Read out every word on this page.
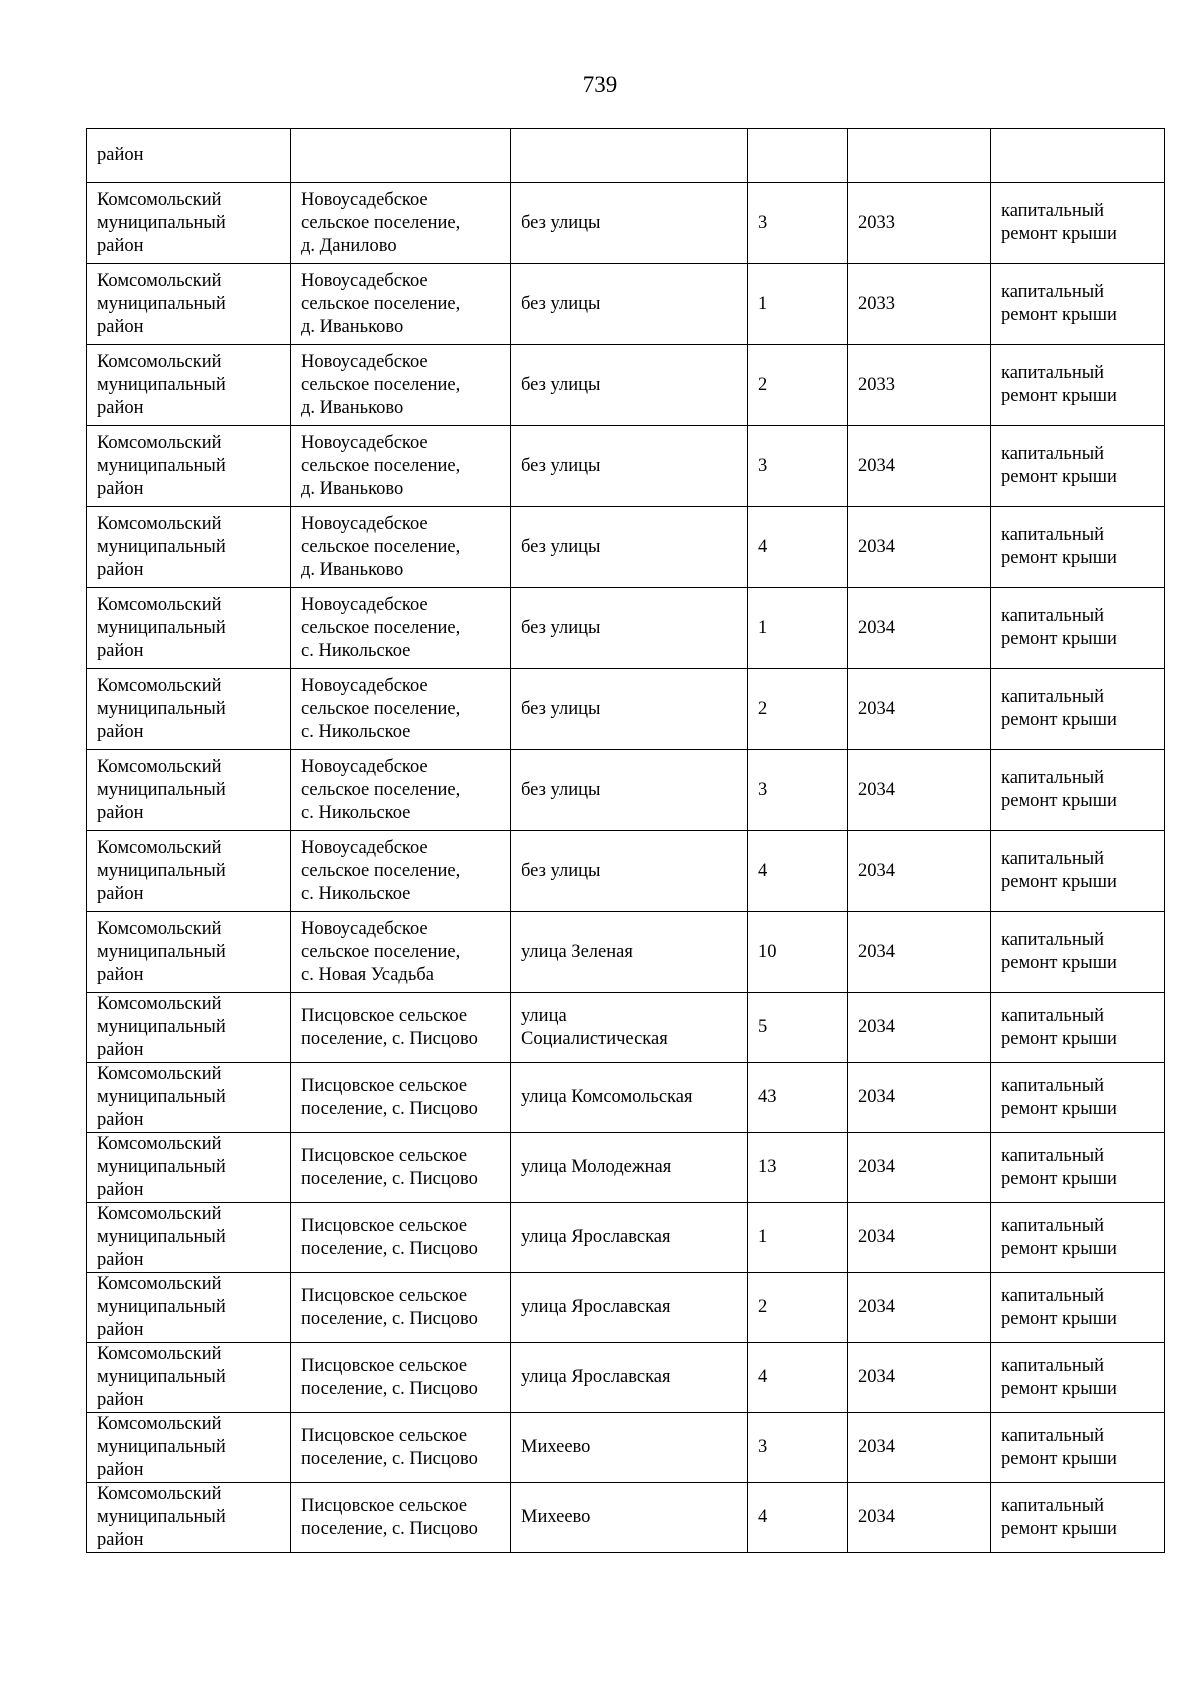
739
район					
Комсомольский
муниципальный
район	Новоусадебское
сельское поселение,
д. Данилово	без улицы	3	2033	капитальный
ремонт крыши
Комсомольский
муниципальный
район	Новоусадебское
сельское поселение,
д. Иваньково	без улицы	1	2033	капитальный
ремонт крыши
Комсомольский
муниципальный
район	Новоусадебское
сельское поселение,
д. Иваньково	без улицы	2	2033	капитальный
ремонт крыши
Комсомольский
муниципальный
район	Новоусадебское
сельское поселение,
д. Иваньково	без улицы	3	2034	капитальный
ремонт крыши
Комсомольский
муниципальный
район	Новоусадебское
сельское поселение,
д. Иваньково	без улицы	4	2034	капитальный
ремонт крыши
Комсомольский
муниципальный
район	Новоусадебское
сельское поселение,
с. Никольское	без улицы	1	2034	капитальный
ремонт крыши
Комсомольский
муниципальный
район	Новоусадебское
сельское поселение,
с. Никольское	без улицы	2	2034	капитальный
ремонт крыши
Комсомольский
муниципальный
район	Новоусадебское
сельское поселение,
с. Никольское	без улицы	3	2034	капитальный
ремонт крыши
Комсомольский
муниципальный
район	Новоусадебское
сельское поселение,
с. Никольское	без улицы	4	2034	капитальный
ремонт крыши
Комсомольский
муниципальный
район	Новоусадебское
сельское поселение,
с. Новая Усадьба	улица Зеленая	10	2034	капитальный
ремонт крыши
Комсомольский
муниципальный
район	Писцовское сельское
поселение, с. Писцово	улица
Социалистическая	5	2034	капитальный
ремонт крыши
Комсомольский
муниципальный
район	Писцовское сельское
поселение, с. Писцово	улица Комсомольская	43	2034	капитальный
ремонт крыши
Комсомольский
муниципальный
район	Писцовское сельское
поселение, с. Писцово	улица Молодежная	13	2034	капитальный
ремонт крыши
Комсомольский
муниципальный
район	Писцовское сельское
поселение, с. Писцово	улица Ярославская	1	2034	капитальный
ремонт крыши
Комсомольский
муниципальный
район	Писцовское сельское
поселение, с. Писцово	улица Ярославская	2	2034	капитальный
ремонт крыши
Комсомольский
муниципальный
район	Писцовское сельское
поселение, с. Писцово	улица Ярославская	4	2034	капитальный
ремонт крыши
Комсомольский
муниципальный
район	Писцовское сельское
поселение, с. Писцово	Михеево	3	2034	капитальный
ремонт крыши
Комсомольский
муниципальный
район	Писцовское сельское
поселение, с. Писцово	Михеево	4	2034	капитальный
ремонт крыши
